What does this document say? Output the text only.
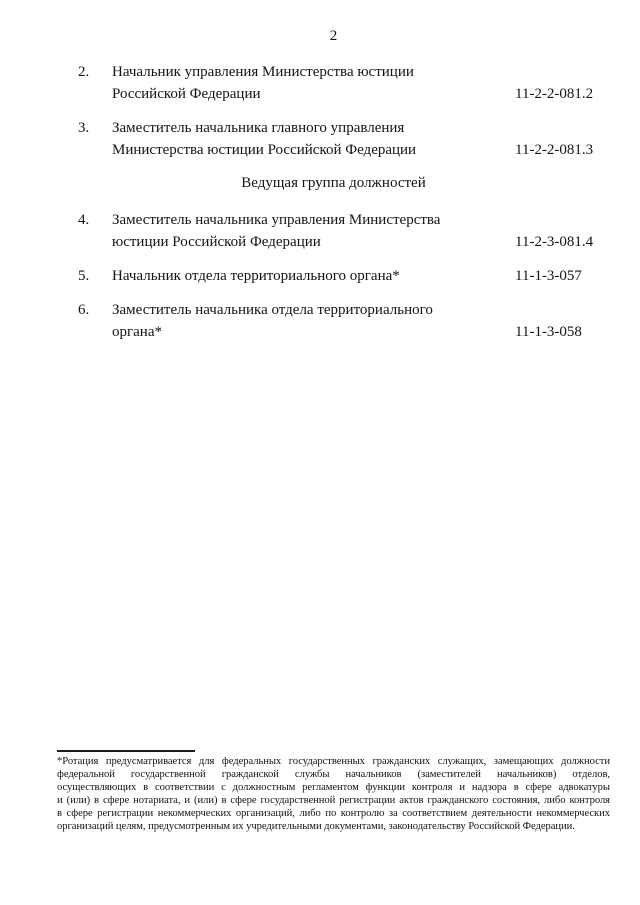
2
2.	Начальник управления Министерства юстиции
Российской Федерации	11-2-2-081.2
3.	Заместитель начальника главного управления
Министерства юстиции Российской Федерации	11-2-2-081.3
Ведущая группа должностей
4.	Заместитель начальника управления Министерства
юстиции Российской Федерации	11-2-3-081.4
5.	Начальник отдела территориального органа*	11-1-3-057
6.	Заместитель начальника отдела территориального
органа*	11-1-3-058
*Ротация предусматривается для федеральных государственных гражданских служащих, замещающих должности
федеральной государственной гражданской службы начальников (заместителей начальников) отделов,
осуществляющих в соответствии с должностным регламентом функции контроля и надзора в сфере адвокатуры
и (или) в сфере нотариата, и (или) в сфере государственной регистрации актов гражданского состояния, либо контроля
в сфере регистрации некоммерческих организаций, либо по контролю за соответствием деятельности некоммерческих
организаций целям, предусмотренным их учредительными документами, законодательству Российской Федерации.
